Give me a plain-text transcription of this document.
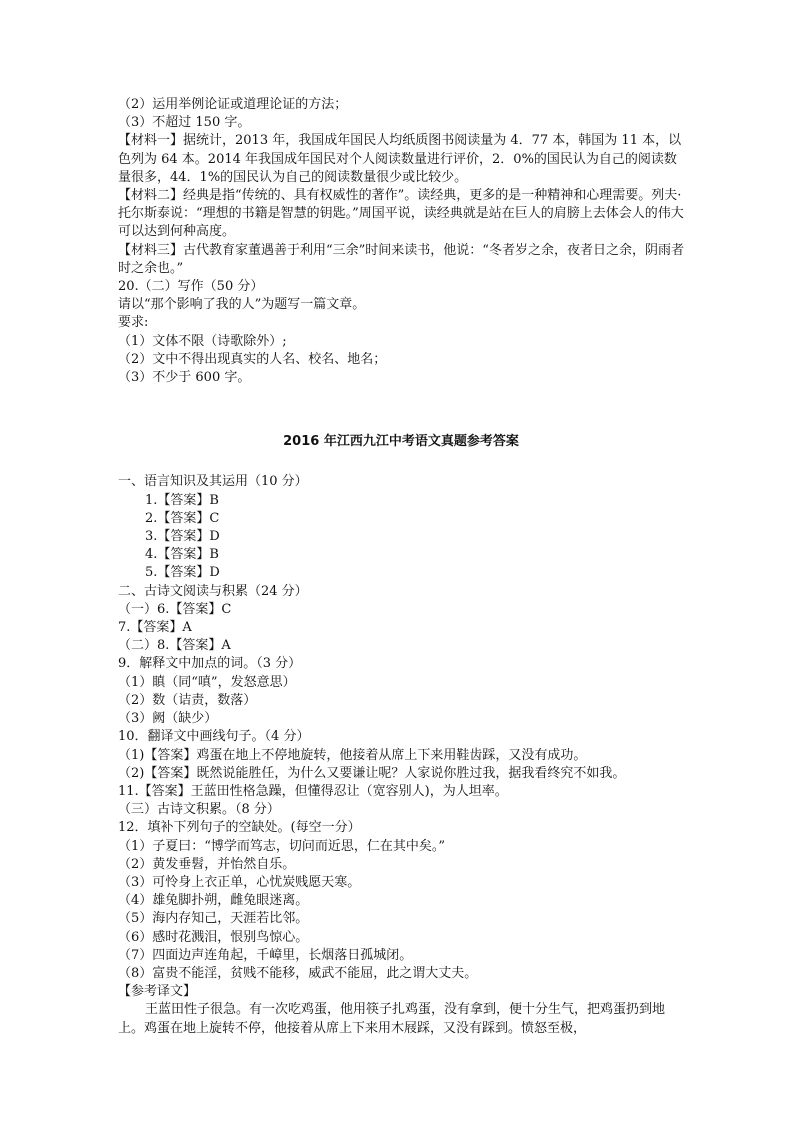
（2）运用举例论证或道理论证的方法；
（3）不超过 150 字。
【材料一】据统计，2013 年，我国成年国民人均纸质图书阅读量为 4．77 本，韩国为 11 本，以色列为 64 本。2014 年我国成年国民对个人阅读数量进行评价，2．0%的国民认为自己的阅读数量很多，44．1%的国民认为自己的阅读数量很少或比较少。
【材料二】经典是指“传统的、具有权威性的著作”。读经典，更多的是一种精神和心理需要。列夫·托尔斯泰说：“理想的书籍是智慧的钥匙。”周国平说，读经典就是站在巨人的肩膀上去体会人的伟大可以达到何种高度。
【材料三】古代教育家董遇善于利用“三余”时间来读书，他说：“冬者岁之余，夜者日之余，阴雨者时之余也。”
20.（二）写作（50 分）
请以“那个影响了我的人”为题写一篇文章。
要求:
（1）文体不限（诗歌除外）;
（2）文中不得出现真实的人名、校名、地名；
（3）不少于 600 字。
2016 年江西九江中考语文真题参考答案
一、语言知识及其运用（10 分）
1.【答案】B
2.【答案】C
3.【答案】D
4.【答案】B
5.【答案】D
二、古诗文阅读与积累（24 分）
（一）6.【答案】C
7.【答案】A
（二）8.【答案】A
9．解释文中加点的词。（3 分）
（1）瞋（同“嗔”，发怒意思）
（2）数（诘责，数落）
（3）阙（缺少）
10．翻译文中画线句子。（4 分）
（1)【答案】鸡蛋在地上不停地旋转，他接着从席上下来用鞋齿踩，又没有成功。
（2)【答案】既然说能胜任，为什么又要谦让呢？人家说你胜过我，据我看终究不如我。
11.【答案】王蓝田性格急躁，但懂得忍让（宽容别人)，为人坦率。
（三）古诗文积累。（8 分）
12．填补下列句子的空缺处。(每空一分）
（1）子夏曰：“博学而笃志，切问而近思，仁在其中矣。”
（2）黄发垂髫，并怡然自乐。
（3）可怜身上衣正单，心忧炭贱愿天寒。
（4）雄兔脚扑朔，雌兔眼迷离。
（5）海内存知己，天涯若比邻。
（6）感时花溅泪，恨别鸟惊心。
（7）四面边声连角起，千嶂里，长烟落日孤城闭。
（8）富贵不能淫，贫贱不能移，威武不能屈，此之谓大丈夫。
【参考译文】
王蓝田性子很急。有一次吃鸡蛋，他用筷子扎鸡蛋，没有拿到，便十分生气，把鸡蛋扔到地上。鸡蛋在地上旋转不停，他接着从席上下来用木屐踩，又没有踩到。愤怒至极，
